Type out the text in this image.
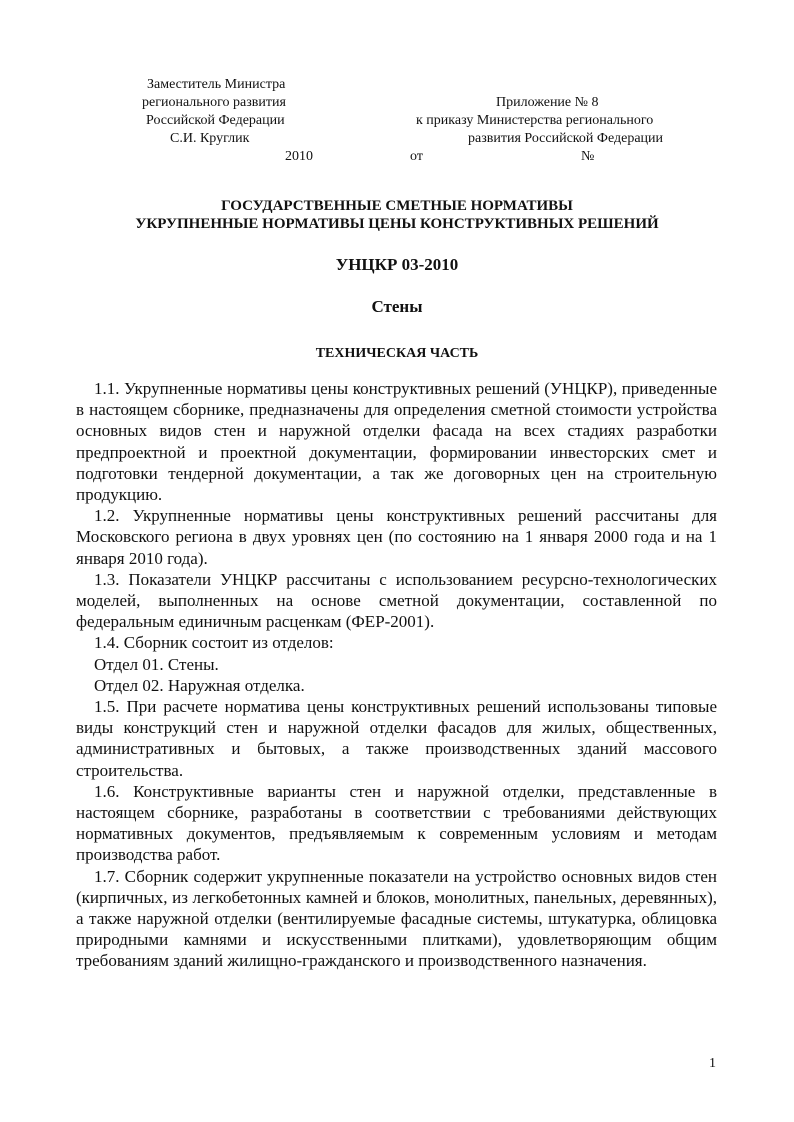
Заместитель Министра
регионального развития
Российской Федерации
С.И. Круглик
2010
Приложение № 8
к приказу Министерства регионального
развития Российской Федерации
от	№
ГОСУДАРСТВЕННЫЕ СМЕТНЫЕ НОРМАТИВЫ
УКРУПНЕННЫЕ НОРМАТИВЫ ЦЕНЫ КОНСТРУКТИВНЫХ РЕШЕНИЙ
УНЦКР 03-2010
Стены
ТЕХНИЧЕСКАЯ ЧАСТЬ

1.1. Укрупненные нормативы цены конструктивных решений (УНЦКР), приведенные в настоящем сборнике, предназначены для определения сметной стоимости устройства основных видов стен и наружной отделки фасада на всех стадиях разработки предпроектной и проектной документации, формировании инвесторских смет и подготовки тендерной документации, а так же договорных цен на строительную продукцию.

1.2. Укрупненные нормативы цены конструктивных решений рассчитаны для Московского региона в двух уровнях цен (по состоянию на 1 января 2000 года и на 1 января 2010 года).

1.3. Показатели УНЦКР рассчитаны с использованием ресурсно-технологических моделей, выполненных на основе сметной документации, составленной по федеральным единичным расценкам (ФЕР-2001).

1.4. Сборник состоит из отделов:

Отдел 01. Стены.

Отдел 02. Наружная отделка.

1.5. При расчете норматива цены конструктивных решений использованы типовые виды конструкций стен и наружной отделки фасадов для жилых, общественных, административных и бытовых, а также производственных зданий массового строительства.

1.6. Конструктивные варианты стен и наружной отделки, представленные в настоящем сборнике, разработаны в соответствии с требованиями действующих нормативных документов, предъявляемым к современным условиям и методам производства работ.

1.7. Сборник содержит укрупненные показатели на устройство основных видов стен (кирпичных, из легкобетонных камней и блоков, монолитных, панельных, деревянных), а также наружной отделки (вентилируемые фасадные системы, штукатурка, облицовка природными камнями и искусственными плитками), удовлетворяющим общим требованиям зданий жилищно-гражданского и производственного назначения.

1
